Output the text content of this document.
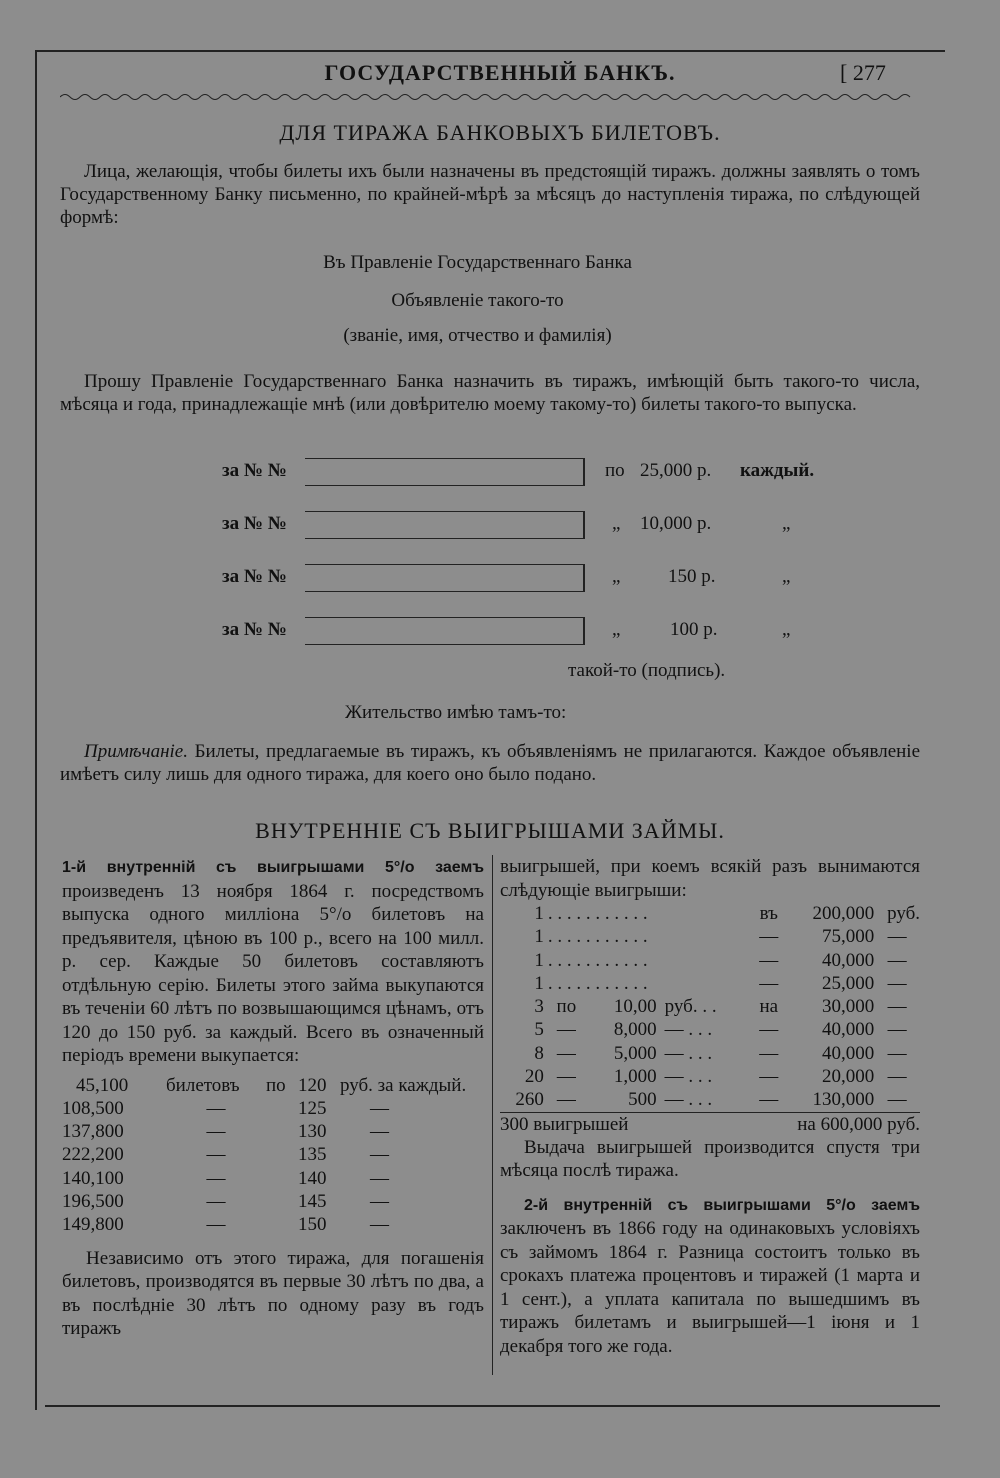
ГОСУДАРСТВЕННЫЙ БАНКЪ.	[ 277
ДЛЯ ТИРАЖА БАНКОВЫХЪ БИЛЕТОВЪ.
Лица, желающія, чтобы билеты ихъ были назначены въ предстоящій тиражъ. должны заявлять о томъ Государственному Банку письменно, по крайней-мѣрѣ за мѣсяцъ до наступленія тиража, по слѣдующей формѣ:
Въ Правленіе Государственнаго Банка
Объявленіе такого-то
(званіе, имя, отчество и фамилія)
Прошу Правленіе Государственнаго Банка назначить въ тиражъ, имѣющій быть такого-то числа, мѣсяца и года, принадлежащіе мнѣ (или довѣрителю моему такому-то) билеты такого-то выпуска.
за № №	по 25,000 р. каждый.
за № №	„ 10,000 р.	„
за № №	„	150 р.	„
за № №	„	100 р.	„
такой-то (подпись).
Жительство имѣю тамъ-то:
Примѣчаніе. Билеты, предлагаемые въ тиражъ, къ объявленіямъ не прилагаются. Каждое объявленіе имѣетъ силу лишь для одного тиража, для коего оно было подано.
ВНУТРЕННІЕ СЪ ВЫИГРЫШАМИ ЗАЙМЫ.
1-й внутренній съ выигрышами 5°/о заемъ произведенъ 13 ноября 1864 г. посредствомъ выпуска одного милліона 5°/о билетовъ на предъявителя, цѣною въ 100 р., всего на 100 милл. р. сер. Каждые 50 билетовъ составляютъ отдѣльную серію. Билеты этого займа выкупаются въ теченіи 60 лѣтъ по возвышающимся цѣнамъ, отъ 120 до 150 руб. за каждый. Всего въ означенный періодъ времени выкупается:
45,100	билетовъ	по	120	руб. за каждый.
108,500	—		125	—
137,800	—		130	—
222,200	—		135	—
140,100	—		140	—
196,500	—		145	—
149,800	—		150	—
Независимо отъ этого тиража, для погашенія билетовъ, производятся въ первые 30 лѣтъ по два, а въ послѣдніе 30 лѣтъ по одному разу въ годъ тиражъ
выигрышей, при коемъ всякій разъ вынимаются слѣдующіе выигрыши:
1	. . . . . . . . . . .			въ	200,000	руб.
1	. . . . . . . . . . .			—	75,000	—
1	. . . . . . . . . . .			—	40,000	—
1	. . . . . . . . . . .			—	25,000	—
3	по	10,00	руб. . .	на	30,000	—
5	—	8,000	— . . .	—	40,000	—
8	—	5,000	— . . .	—	40,000	—
20	—	1,000	— . . .	—	20,000	—
260	—	500	— . . .	—	130,000	—
300 выигрышей				на 600,000 руб.		
Выдача выигрышей производится спустя три мѣсяца послѣ тиража.
2-й внутренній съ выигрышами 5°/о заемъ заключенъ въ 1866 году на одинаковыхъ условіяхъ съ займомъ 1864 г. Разница состоитъ только въ срокахъ платежа процентовъ и тиражей (1 марта и 1 сент.), а уплата капитала по вышедшимъ въ тиражъ билетамъ и выигрышей—1 іюня и 1 декабря того же года.
